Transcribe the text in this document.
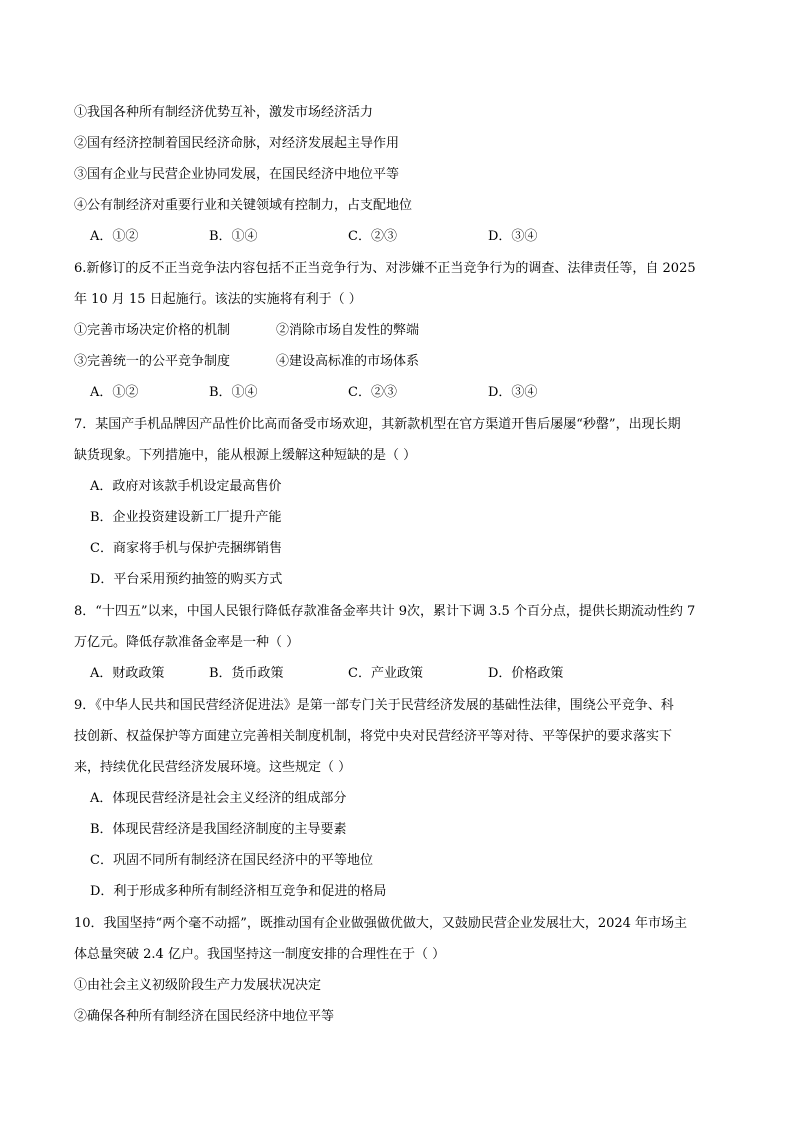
①我国各种所有制经济优势互补，激发市场经济活力
②国有经济控制着国民经济命脉，对经济发展起主导作用
③国有企业与民营企业协同发展，在国民经济中地位平等
④公有制经济对重要行业和关键领域有控制力，占支配地位
A．①②	B．①④	C．②③	D．③④
6.新修订的反不正当竞争法内容包括不正当竞争行为、对涉嫌不正当竞争行为的调查、法律责任等，自 2025
年 10 月 15 日起施行。该法的实施将有利于（ ）
①完善市场决定价格的机制	②消除市场自发性的弊端
③完善统一的公平竞争制度	④建设高标准的市场体系
A．①②	B．①④	C．②③	D．③④
7．某国产手机品牌因产品性价比高而备受市场欢迎，其新款机型在官方渠道开售后屡屡“秒罄”，出现长期
缺货现象。下列措施中，能从根源上缓解这种短缺的是（ ）
A．政府对该款手机设定最高售价
B．企业投资建设新工厂提升产能
C．商家将手机与保护壳捆绑销售
D．平台采用预约抽签的购买方式
8．“十四五”以来，中国人民银行降低存款准备金率共计 9次，累计下调 3.5 个百分点，提供长期流动性约 7
万亿元。降低存款准备金率是一种（ ）
A．财政政策	B．货币政策	C．产业政策	D．价格政策
9．《中华人民共和国民营经济促进法》是第一部专门关于民营经济发展的基础性法律，围绕公平竞争、科
技创新、权益保护等方面建立完善相关制度机制，将党中央对民营经济平等对待、平等保护的要求落实下
来，持续优化民营经济发展环境。这些规定（ ）
A．体现民营经济是社会主义经济的组成部分
B．体现民营经济是我国经济制度的主导要素
C．巩固不同所有制经济在国民经济中的平等地位
D．利于形成多种所有制经济相互竞争和促进的格局
10．我国坚持“两个毫不动摇”，既推动国有企业做强做优做大，又鼓励民营企业发展壮大，2024 年市场主
体总量突破 2.4 亿户。我国坚持这一制度安排的合理性在于（ ）
①由社会主义初级阶段生产力发展状况决定
②确保各种所有制经济在国民经济中地位平等
